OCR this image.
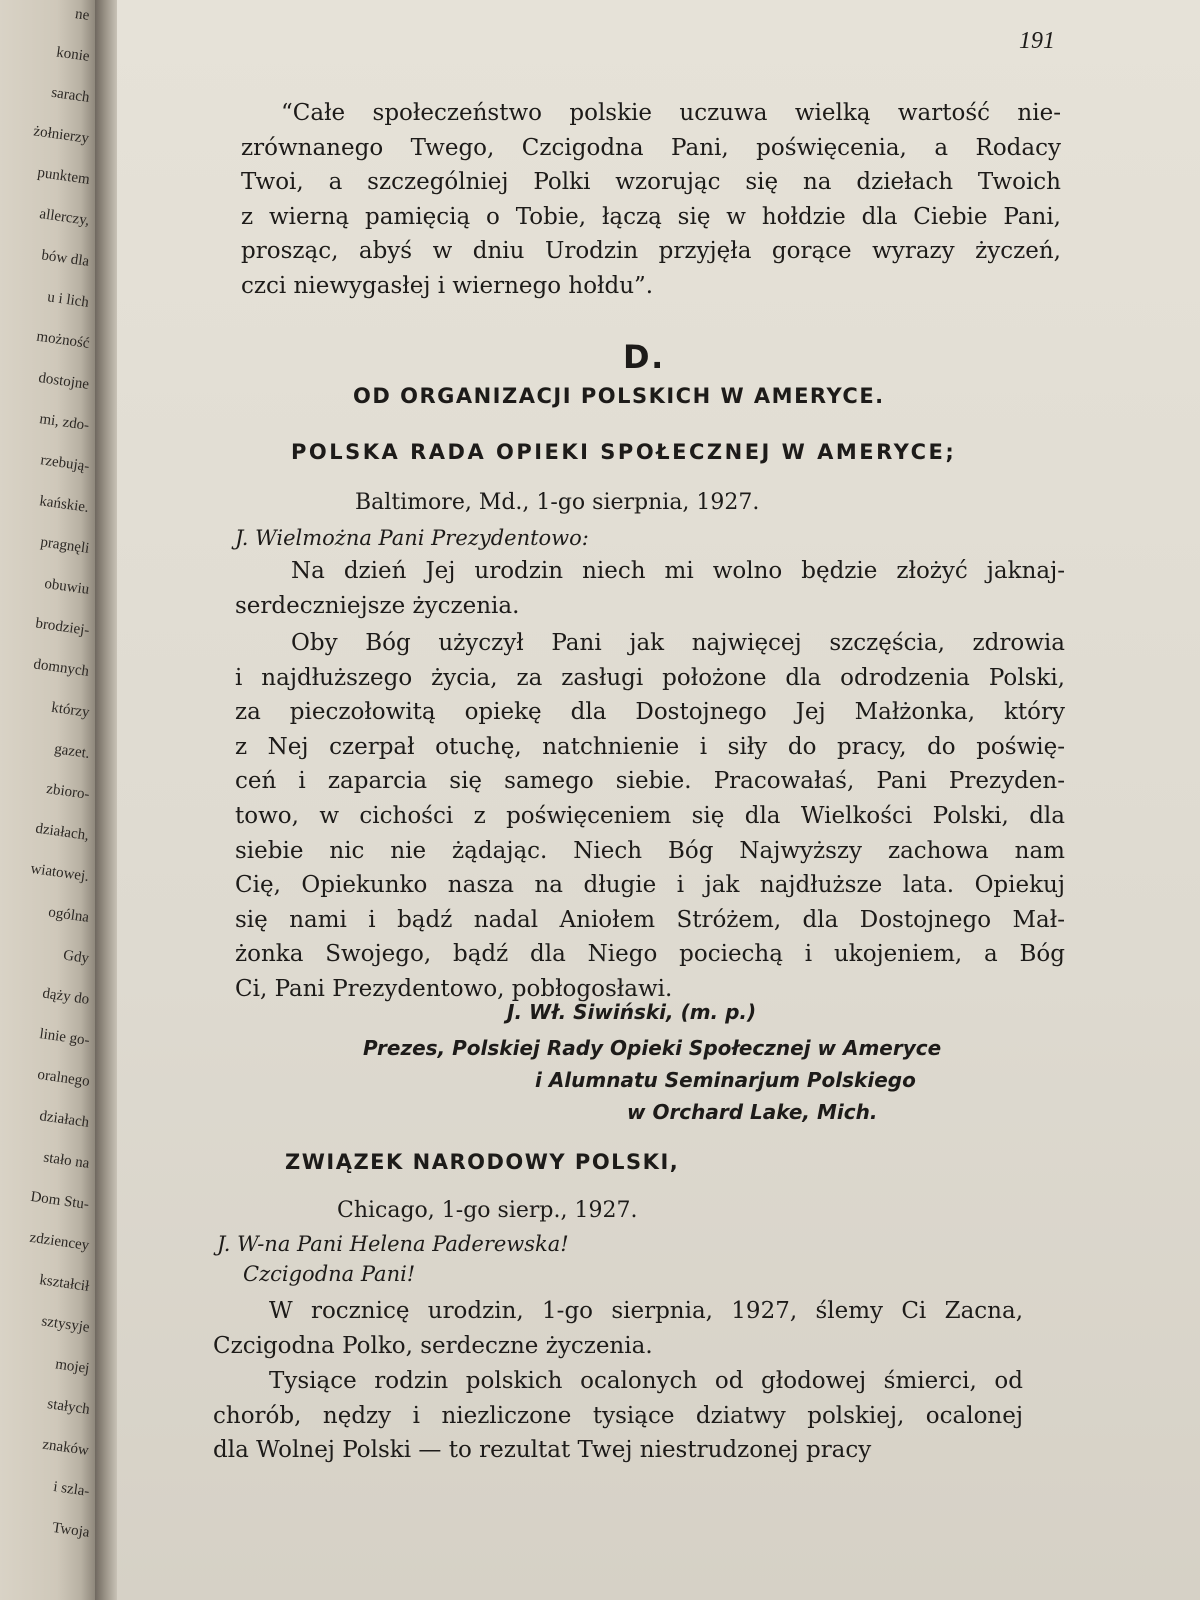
ne
konie
sarach
żołnierzy
punktem
allerczy,
bów dla
u i lich
możność
dostojne
mi, zdo-
rzebują-
kańskie.
pragnęli
obuwiu
brodziej-
domnych
którzy
gazet.
zbioro-
działach,
wiatowej.
ogólna
Gdy
dąży do
linie go-
oralnego
działach
stało na
Dom Stu-
zdziencey
kształcił
sztysyje
mojej
stałych
znaków
i szla-
Twoja
191
“Całe społeczeństwo polskie uczuwa wielką wartość nie-
zrównanego Twego, Czcigodna Pani, poświęcenia, a Rodacy
Twoi, a szczególniej Polki wzorując się na dziełach Twoich
z wierną pamięcią o Tobie, łączą się w hołdzie dla Ciebie Pani,
prosząc, abyś w dniu Urodzin przyjęła gorące wyrazy życzeń,
czci niewygasłej i wiernego hołdu”.
D.
OD ORGANIZACJI POLSKICH W AMERYCE.
POLSKA RADA OPIEKI SPOŁECZNEJ W AMERYCE;
Baltimore, Md., 1-go sierpnia, 1927.
J. Wielmożna Pani Prezydentowo:
Na dzień Jej urodzin niech mi wolno będzie złożyć jaknaj-
serdeczniejsze życzenia.
Oby Bóg użyczył Pani jak najwięcej szczęścia, zdrowia
i najdłuższego życia, za zasługi położone dla odrodzenia Polski,
za pieczołowitą opiekę dla Dostojnego Jej Małżonka, który
z Nej czerpał otuchę, natchnienie i siły do pracy, do poświę-
ceń i zaparcia się samego siebie. Pracowałaś, Pani Prezyden-
towo, w cichości z poświęceniem się dla Wielkości Polski, dla
siebie nic nie żądając. Niech Bóg Najwyższy zachowa nam
Cię, Opiekunko nasza na długie i jak najdłuższe lata. Opiekuj
się nami i bądź nadal Aniołem Stróżem, dla Dostojnego Mał-
żonka Swojego, bądź dla Niego pociechą i ukojeniem, a Bóg
Ci, Pani Prezydentowo, pobłogosławi.
J. Wł. Siwiński, (m. p.)
Prezes, Polskiej Rady Opieki Społecznej w Ameryce
i Alumnatu Seminarjum Polskiego
w Orchard Lake, Mich.
ZWIĄZEK NARODOWY POLSKI,
Chicago, 1-go sierp., 1927.
J. W-na Pani Helena Paderewska!
Czcigodna Pani!
W rocznicę urodzin, 1-go sierpnia, 1927, ślemy Ci Zacna,
Czcigodna Polko, serdeczne życzenia.
Tysiące rodzin polskich ocalonych od głodowej śmierci, od
chorób, nędzy i niezliczone tysiące dziatwy polskiej, ocalonej
dla Wolnej Polski — to rezultat Twej niestrudzonej pracy
